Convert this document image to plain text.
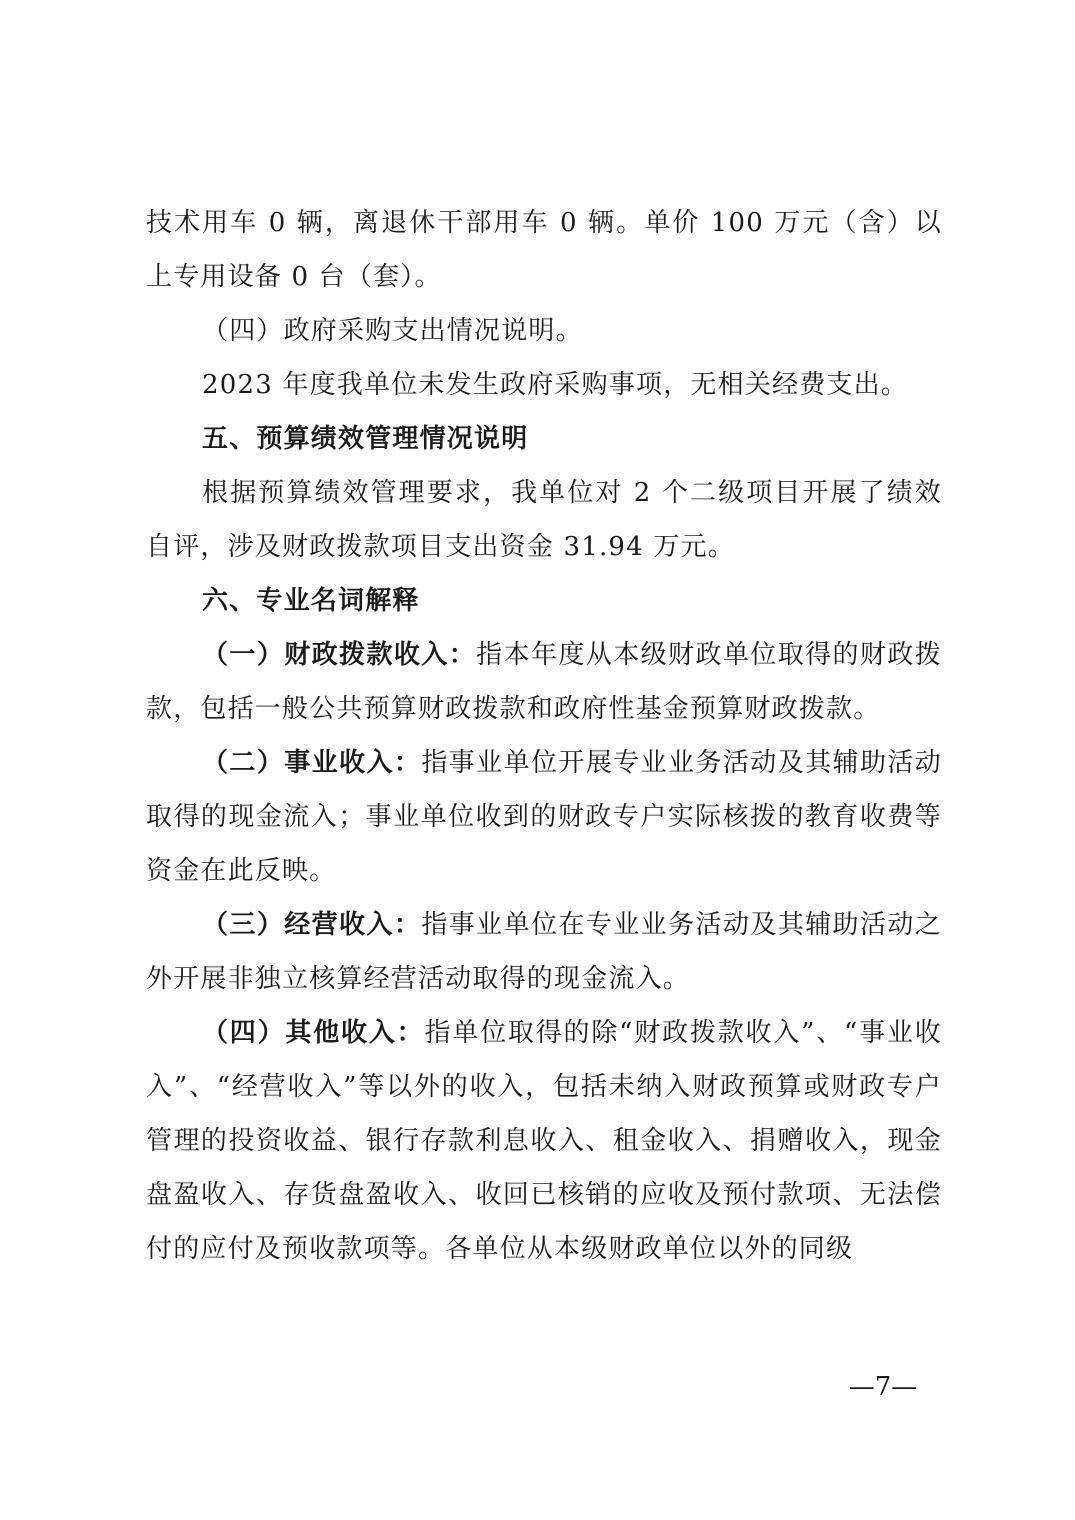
技术用车 0 辆，离退休干部用车 0 辆。单价 100 万元（含）以上专用设备 0 台（套）。

（四）政府采购支出情况说明。

2023 年度我单位未发生政府采购事项，无相关经费支出。

五、预算绩效管理情况说明

根据预算绩效管理要求，我单位对 2 个二级项目开展了绩效自评，涉及财政拨款项目支出资金 31.94 万元。

六、专业名词解释

（一）财政拨款收入：指本年度从本级财政单位取得的财政拨款，包括一般公共预算财政拨款和政府性基金预算财政拨款。

（二）事业收入：指事业单位开展专业业务活动及其辅助活动取得的现金流入；事业单位收到的财政专户实际核拨的教育收费等资金在此反映。

（三）经营收入：指事业单位在专业业务活动及其辅助活动之外开展非独立核算经营活动取得的现金流入。

（四）其他收入：指单位取得的除“财政拨款收入”、“事业收入”、“经营收入”等以外的收入，包括未纳入财政预算或财政专户管理的投资收益、银行存款利息收入、租金收入、捐赠收入，现金盘盈收入、存货盘盈收入、收回已核销的应收及预付款项、无法偿付的应付及预收款项等。各单位从本级财政单位以外的同级

—7—
